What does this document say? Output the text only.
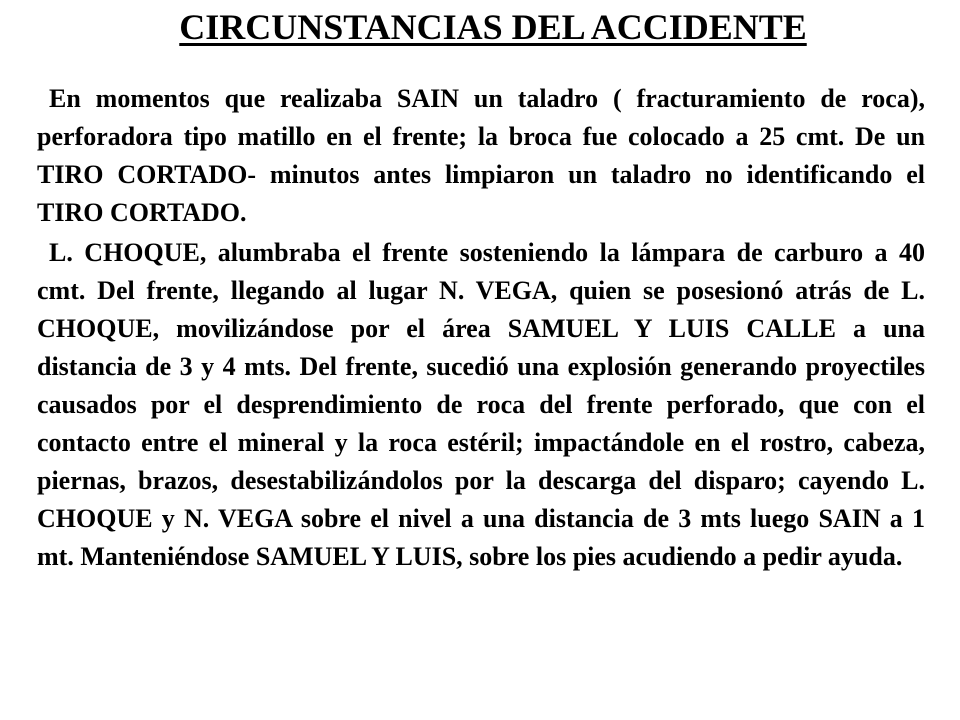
CIRCUNSTANCIAS DEL ACCIDENTE

En momentos que realizaba SAIN un taladro ( fracturamiento de roca), perforadora tipo matillo en el frente; la broca fue colocado a 25 cmt. De un TIRO CORTADO- minutos antes limpiaron un taladro no identificando el TIRO CORTADO.

L. CHOQUE, alumbraba el frente sosteniendo la lámpara de carburo a 40 cmt. Del frente, llegando al lugar N. VEGA, quien se posesionó atrás de L. CHOQUE, movilizándose por el área SAMUEL Y LUIS CALLE a una distancia de 3 y 4 mts. Del frente, sucedió una explosión generando proyectiles causados por el desprendimiento de roca del frente perforado, que con el contacto entre el mineral y la roca estéril; impactándole en el rostro, cabeza, piernas, brazos, desestabilizándolos por la descarga del disparo; cayendo L. CHOQUE y N. VEGA sobre el nivel a una distancia de 3 mts luego SAIN a 1 mt. Manteniéndose SAMUEL Y LUIS, sobre los pies acudiendo a pedir ayuda.
